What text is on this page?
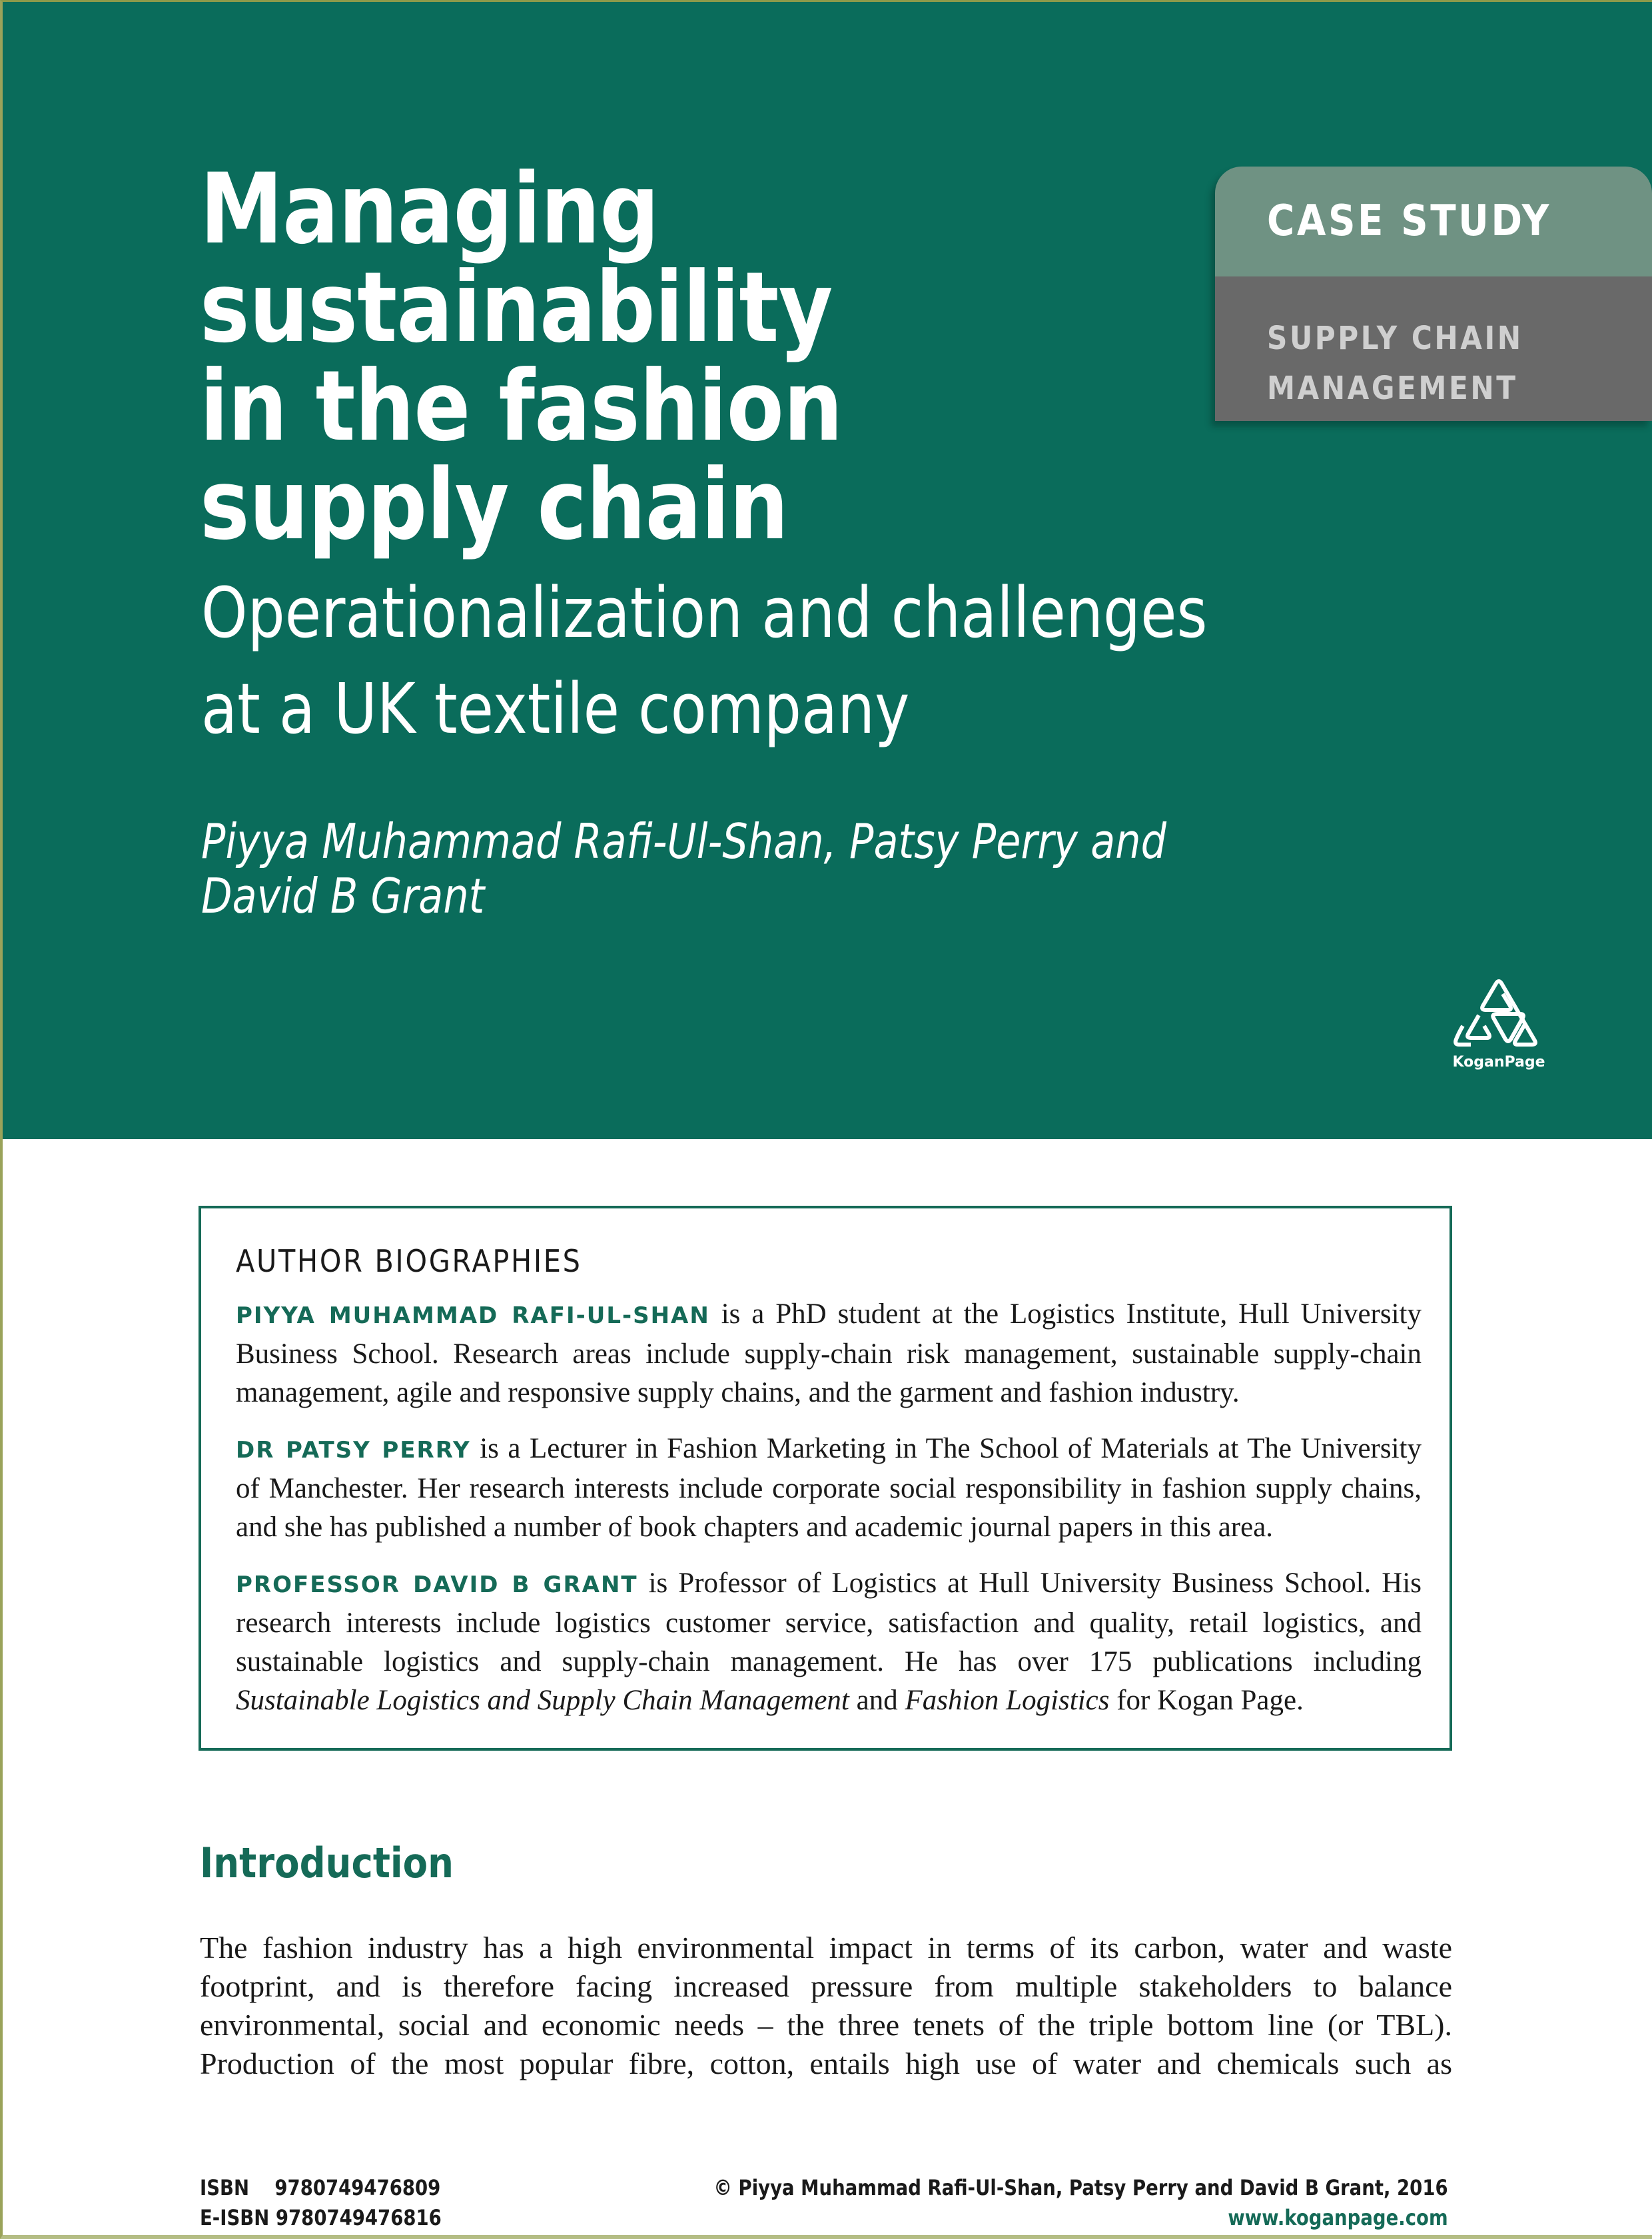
Managing
sustainability
in the fashion
supply chain
Operationalization and challenges
at a UK textile company

Piyya Muhammad Rafi-Ul-Shan, Patsy Perry and
David B Grant

CASE STUDY
SUPPLY CHAIN
MANAGEMENT
KoganPage
AUTHOR BIOGRAPHIES

PIYYA MUHAMMAD RAFI-UL-SHAN is a PhD student at the Logistics Institute, Hull University Business School. Research areas include supply-chain risk management, sustainable supply-chain management, agile and responsive supply chains, and the garment and fashion industry.

DR PATSY PERRY is a Lecturer in Fashion Marketing in The School of Materials at The University of Manchester. Her research interests include corporate social responsibility in fashion supply chains, and she has published a number of book chapters and academic journal papers in this area.

PROFESSOR DAVID B GRANT is Professor of Logistics at Hull University Business School. His research interests include logistics customer service, satisfaction and quality, retail logistics, and sustainable logistics and supply-chain management. He has over 175 publications including Sustainable Logistics and Supply Chain Management and Fashion Logistics for Kogan Page.

Introduction

The fashion industry has a high environmental impact in terms of its carbon, water and waste footprint, and is therefore facing increased pressure from multiple stakeholders to balance environmental, social and economic needs – the three tenets of the triple bottom line (or TBL). Production of the most popular fibre, cotton, entails high use of water and chemicals such as

ISBN 9780749476809
E-ISBN 9780749476816
© Piyya Muhammad Rafi-Ul-Shan, Patsy Perry and David B Grant, 2016
www.koganpage.com
